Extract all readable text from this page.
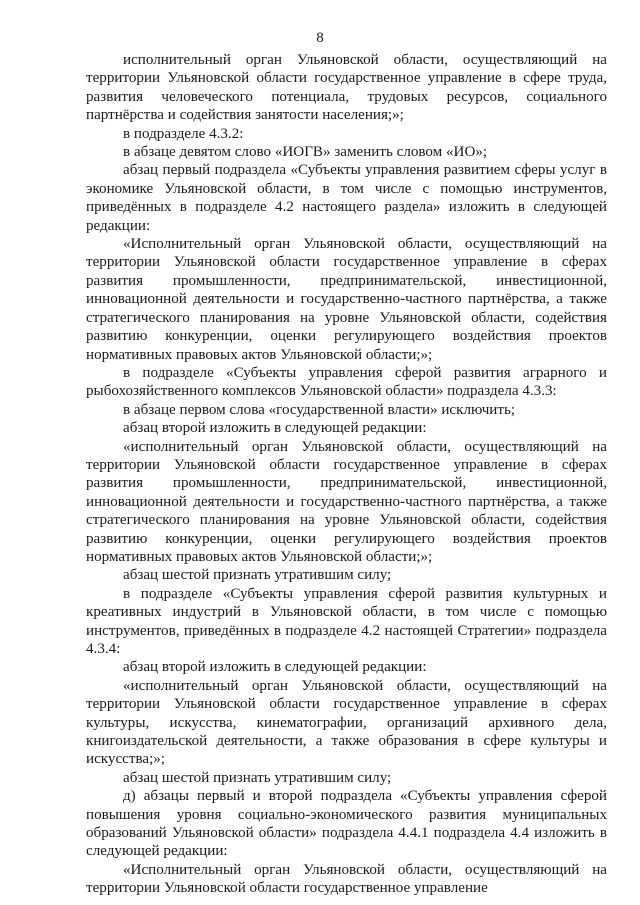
8

исполнительный орган Ульяновской области, осуществляющий на территории Ульяновской области государственное управление в сфере труда, развития человеческого потенциала, трудовых ресурсов, социального партнёрства и содействия занятости населения;»;

в подразделе 4.3.2:

в абзаце девятом слово «ИОГВ» заменить словом «ИО»;

абзац первый подраздела «Субъекты управления развитием сферы услуг в экономике Ульяновской области, в том числе с помощью инструментов, приведённых в подразделе 4.2 настоящего раздела» изложить в следующей редакции:

«Исполнительный орган Ульяновской области, осуществляющий на территории Ульяновской области государственное управление в сферах развития промышленности, предпринимательской, инвестиционной, инновационной деятельности и государственно-частного партнёрства, а также стратегического планирования на уровне Ульяновской области, содействия развитию конкуренции, оценки регулирующего воздействия проектов нормативных правовых актов Ульяновской области;»;

в подразделе «Субъекты управления сферой развития аграрного и рыбохозяйственного комплексов Ульяновской области» подраздела 4.3.3:

в абзаце первом слова «государственной власти» исключить;

абзац второй изложить в следующей редакции:

«исполнительный орган Ульяновской области, осуществляющий на территории Ульяновской области государственное управление в сферах развития промышленности, предпринимательской, инвестиционной, инновационной деятельности и государственно-частного партнёрства, а также стратегического планирования на уровне Ульяновской области, содействия развитию конкуренции, оценки регулирующего воздействия проектов нормативных правовых актов Ульяновской области;»;

абзац шестой признать утратившим силу;

в подразделе «Субъекты управления сферой развития культурных и креативных индустрий в Ульяновской области, в том числе с помощью инструментов, приведённых в подразделе 4.2 настоящей Стратегии» подраздела 4.3.4:

абзац второй изложить в следующей редакции:

«исполнительный орган Ульяновской области, осуществляющий на территории Ульяновской области государственное управление в сферах культуры, искусства, кинематографии, организаций архивного дела, книгоиздательской деятельности, а также образования в сфере культуры и искусства;»;

абзац шестой признать утратившим силу;

д) абзацы первый и второй подраздела «Субъекты управления сферой повышения уровня социально-экономического развития муниципальных образований Ульяновской области» подраздела 4.4.1 подраздела 4.4 изложить в следующей редакции:

«Исполнительный орган Ульяновской области, осуществляющий на территории Ульяновской области государственное управление
